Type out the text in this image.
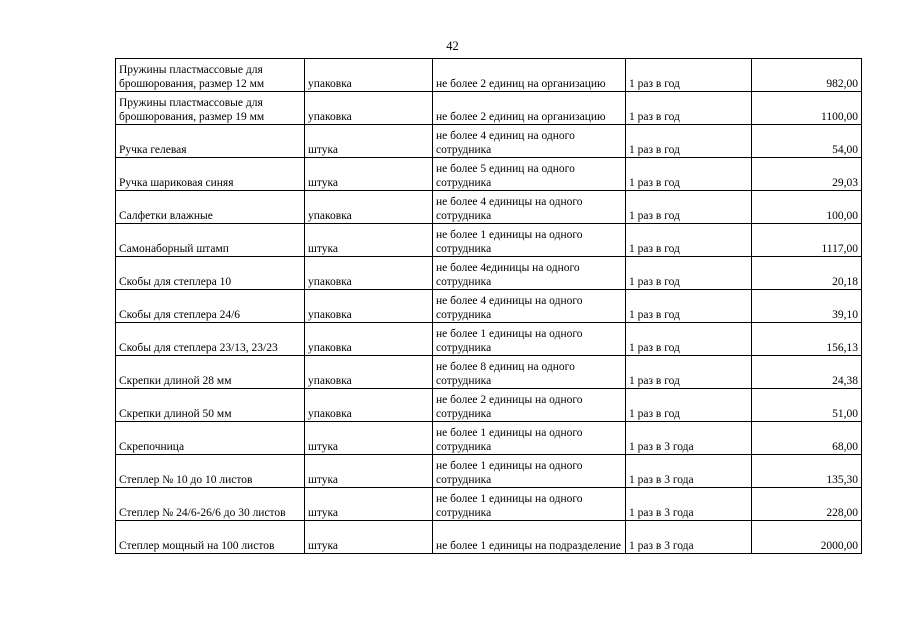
42
Пружины пластмассовые для брошюрования, размер 12 мм	упаковка	не более 2 единиц на организацию	1 раз в год	982,00
Пружины пластмассовые для брошюрования, размер 19 мм	упаковка	не более 2 единиц на организацию	1 раз в год	1100,00
Ручка гелевая	штука	не более 4 единиц на одного сотрудника	1 раз в год	54,00
Ручка шариковая синяя	штука	не более 5 единиц на одного сотрудника	1 раз в год	29,03
Салфетки влажные	упаковка	не более 4 единицы на одного сотрудника	1 раз в год	100,00
Самонаборный штамп	штука	не более 1 единицы на одного сотрудника	1 раз в год	1117,00
Скобы для степлера 10	упаковка	не более 4единицы на одного сотрудника	1 раз в год	20,18
Скобы для степлера 24/6	упаковка	не более 4 единицы на одного сотрудника	1 раз в год	39,10
Скобы для степлера 23/13, 23/23	упаковка	не более 1 единицы на одного сотрудника	1 раз в год	156,13
Скрепки длиной 28 мм	упаковка	не более 8 единиц на одного сотрудника	1 раз в год	24,38
Скрепки длиной 50 мм	упаковка	не более 2 единицы на одного сотрудника	1 раз в год	51,00
Скрепочница	штука	не более 1 единицы на одного сотрудника	1 раз в 3 года	68,00
Степлер № 10 до 10 листов	штука	не более 1 единицы на одного сотрудника	1 раз в 3 года	135,30
Степлер № 24/6-26/6 до 30 листов	штука	не более 1 единицы на одного сотрудника	1 раз в 3 года	228,00
Степлер мощный на 100 листов	штука	не более 1 единицы на подразделение	1 раз в 3 года	2000,00
